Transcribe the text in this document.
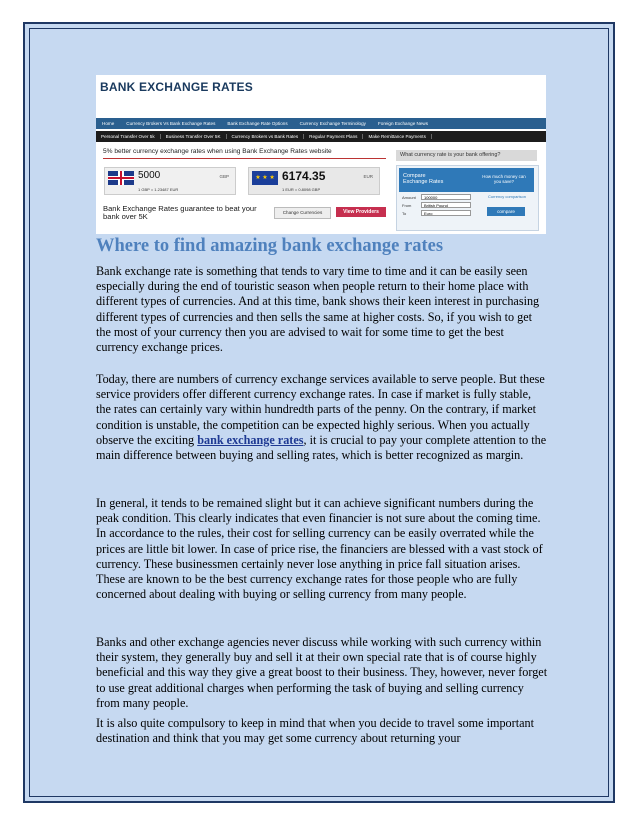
BANK EXCHANGE RATES
Home	Currency Brokers Vs Bank Exchange Rates	Bank Exchange Rate Options	Currency Exchange Terminology	Foreign Exchange News
Personal Transfer Over 5k	Business Transfer Over 5K	Currency Brokers vs Bank Rates	Regular Payment Plans	Make Remittance Payments
5% better currency exchange rates when using Bank Exchange Rates website	What currency rate is your bank offering?
5000	GBP
1 GBP = 1.23487 EUR
★ ★ ★ 6174.35	EUR
1 EUR = 0.8098 GBP
Bank Exchange Rates guarantee to beat your bank over 5K	Change Currencies	View Providers
Compare
Exchange Rates
How much money can you save?
Amount	100000
From	British Pound
To	Euro
Currency comparison
compare
Where to find amazing bank exchange rates

Bank exchange rate is something that tends to vary time to time and it can be easily seen especially during the end of touristic season when people return to their home place with different types of currencies. And at this time, bank shows their keen interest in purchasing different types of currencies and then sells the same at higher costs. So, if you wish to get the most of your currency then you are advised to wait for some time to get the best currency exchange prices.

Today, there are numbers of currency exchange services available to serve people. But these service providers offer different currency exchange rates. In case if market is fully stable, the rates can certainly vary within hundredth parts of the penny. On the contrary, if market condition is unstable, the competition can be expected highly serious. When you actually observe the exciting bank exchange rates, it is crucial to pay your complete attention to the main difference between buying and selling rates, which is better recognized as margin.

In general, it tends to be remained slight but it can achieve significant numbers during the peak condition. This clearly indicates that even financier is not sure about the coming time. In accordance to the rules, their cost for selling currency can be easily overrated while the prices are little bit lower. In case of price rise, the financiers are blessed with a vast stock of currency. These businessmen certainly never lose anything in price fall situation arises. These are known to be the best currency exchange rates for those people who are fully concerned about dealing with buying or selling currency from many people.

Banks and other exchange agencies never discuss while working with such currency within their system, they generally buy and sell it at their own special rate that is of course highly beneficial and this way they give a great boost to their business. They, however, never forget to use great additional charges when performing the task of buying and selling currency from many people.

It is also quite compulsory to keep in mind that when you decide to travel some important destination and think that you may get some currency about returning your
